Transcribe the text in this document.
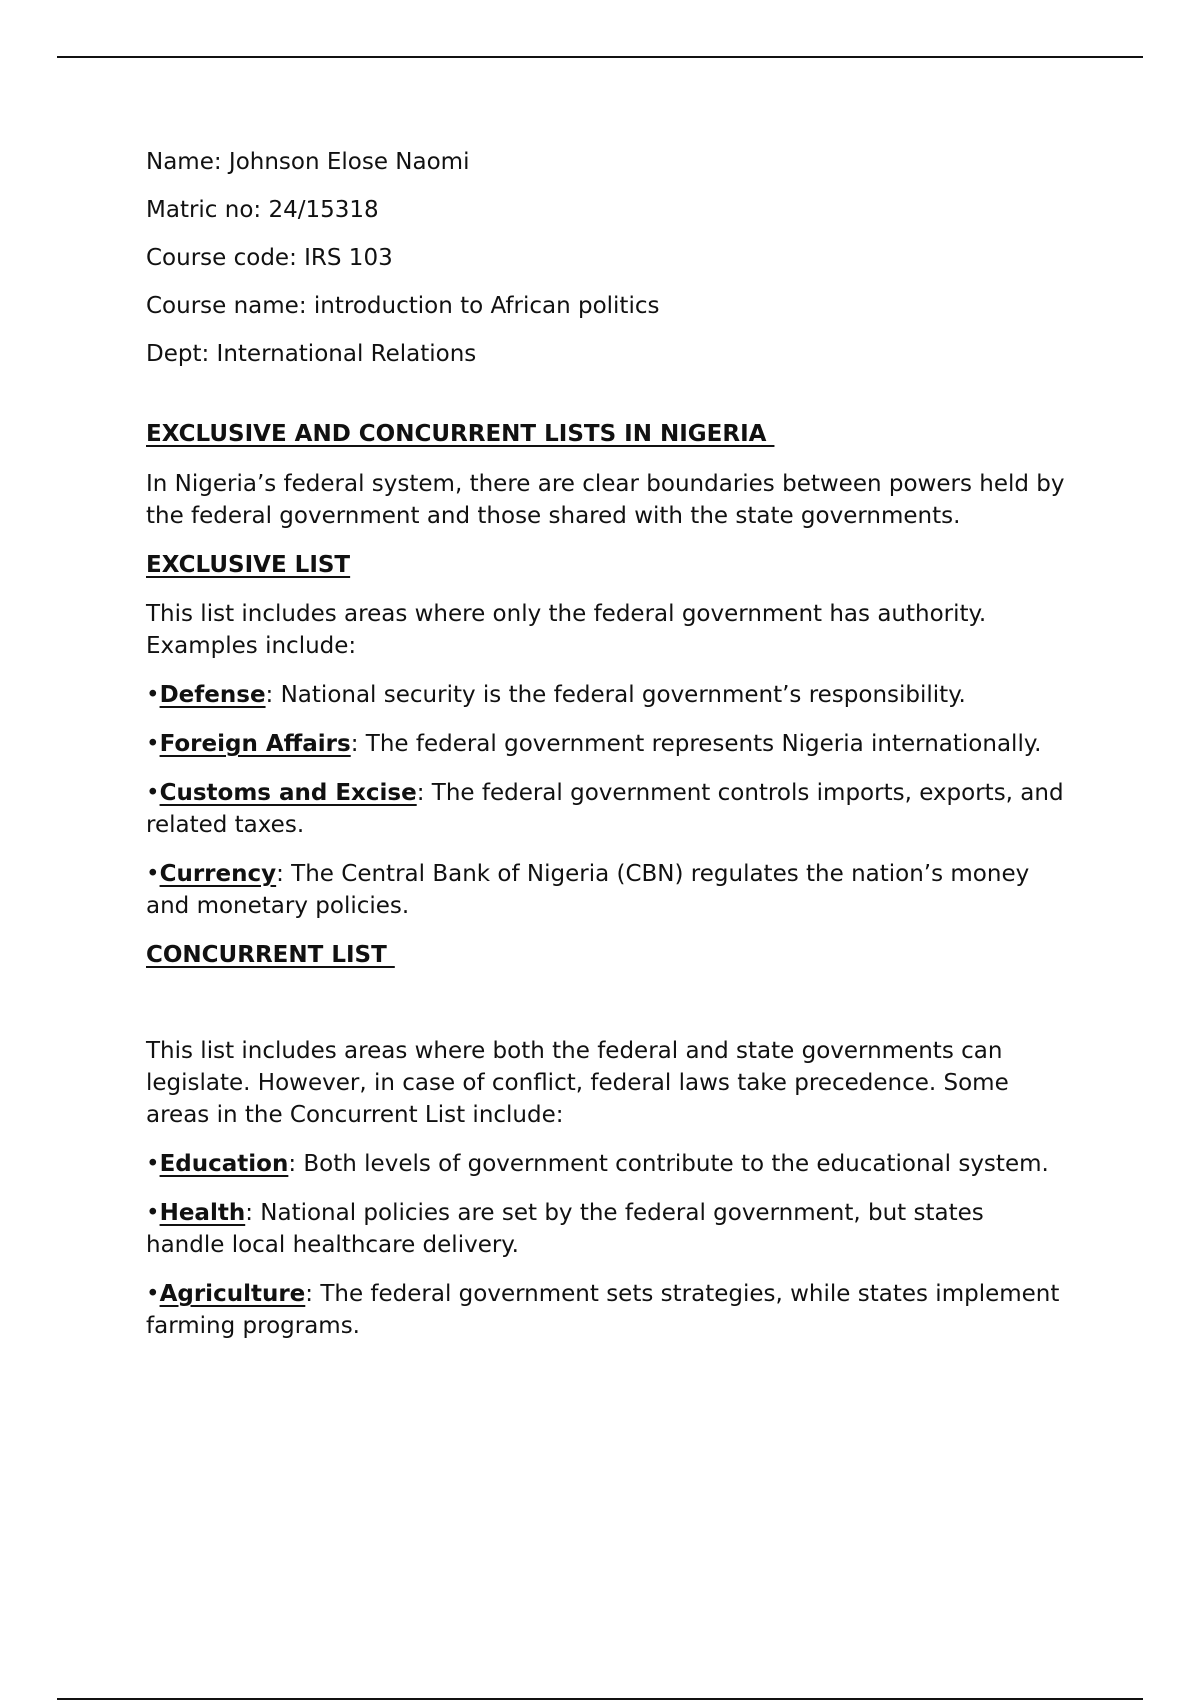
Name: Johnson Elose Naomi

Matric no: 24/15318

Course code: IRS 103

Course name: introduction to African politics

Dept: International Relations

EXCLUSIVE AND CONCURRENT LISTS IN NIGERIA

In Nigeria’s federal system, there are clear boundaries between powers held by the federal government and those shared with the state governments.

EXCLUSIVE LIST

This list includes areas where only the federal government has authority. Examples include:

•Defense: National security is the federal government’s responsibility.

•Foreign Affairs: The federal government represents Nigeria internationally.

•Customs and Excise: The federal government controls imports, exports, and related taxes.

•Currency: The Central Bank of Nigeria (CBN) regulates the nation’s money and monetary policies.

CONCURRENT LIST

This list includes areas where both the federal and state governments can legislate. However, in case of conflict, federal laws take precedence. Some areas in the Concurrent List include:

•Education: Both levels of government contribute to the educational system.

•Health: National policies are set by the federal government, but states handle local healthcare delivery.

•Agriculture: The federal government sets strategies, while states implement farming programs.
